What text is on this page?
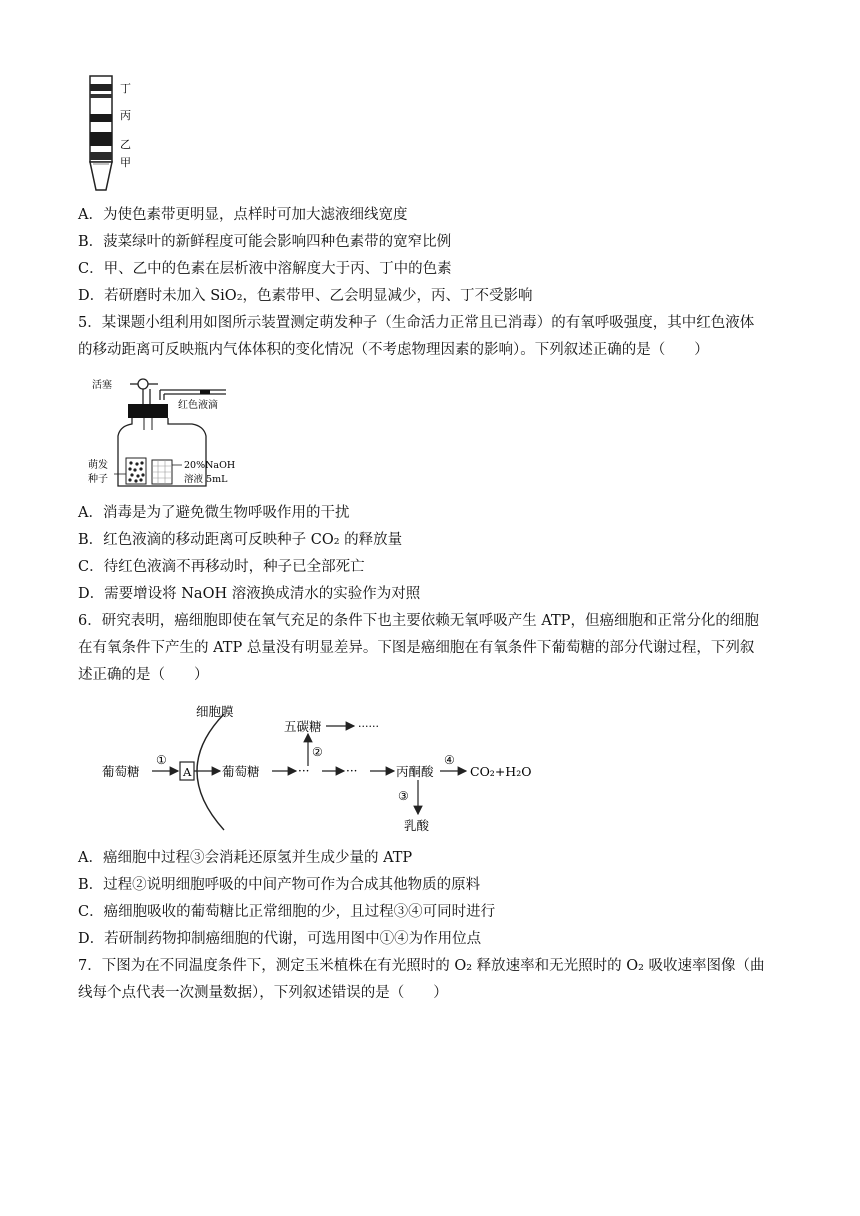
丁
丙
乙
甲
A．为使色素带更明显，点样时可加大滤液细线宽度
B．菠菜绿叶的新鲜程度可能会影响四种色素带的宽窄比例
C．甲、乙中的色素在层析液中溶解度大于丙、丁中的色素
D．若研磨时未加入 SiO₂，色素带甲、乙会明显减少，丙、丁不受影响
5．某课题小组利用如图所示装置测定萌发种子（生命活力正常且已消毒）的有氧呼吸强度，其中红色液体
的移动距离可反映瓶内气体体积的变化情况（不考虑物理因素的影响）。下列叙述正确的是（　　）
活塞
红色液滴
萌发
种子
20%NaOH
溶液 5mL
A．消毒是为了避免微生物呼吸作用的干扰
B．红色液滴的移动距离可反映种子 CO₂ 的释放量
C．待红色液滴不再移动时，种子已全部死亡
D．需要增设将 NaOH 溶液换成清水的实验作为对照
6．研究表明，癌细胞即使在氧气充足的条件下也主要依赖无氧呼吸产生 ATP，但癌细胞和正常分化的细胞
在有氧条件下产生的 ATP 总量没有明显差异。下图是癌细胞在有氧条件下葡萄糖的部分代谢过程，下列叙
述正确的是（　　）
细胞膜
葡萄糖
①
A 葡萄糖	···	···
②
五碳糖	······
丙酮酸
④
CO₂+H₂O
③
乳酸
A．癌细胞中过程③会消耗还原氢并生成少量的 ATP
B．过程②说明细胞呼吸的中间产物可作为合成其他物质的原料
C．癌细胞吸收的葡萄糖比正常细胞的少，且过程③④可同时进行
D．若研制药物抑制癌细胞的代谢，可选用图中①④为作用位点
7．下图为在不同温度条件下，测定玉米植株在有光照时的 O₂ 释放速率和无光照时的 O₂ 吸收速率图像（曲
线每个点代表一次测量数据），下列叙述错误的是（　　）
